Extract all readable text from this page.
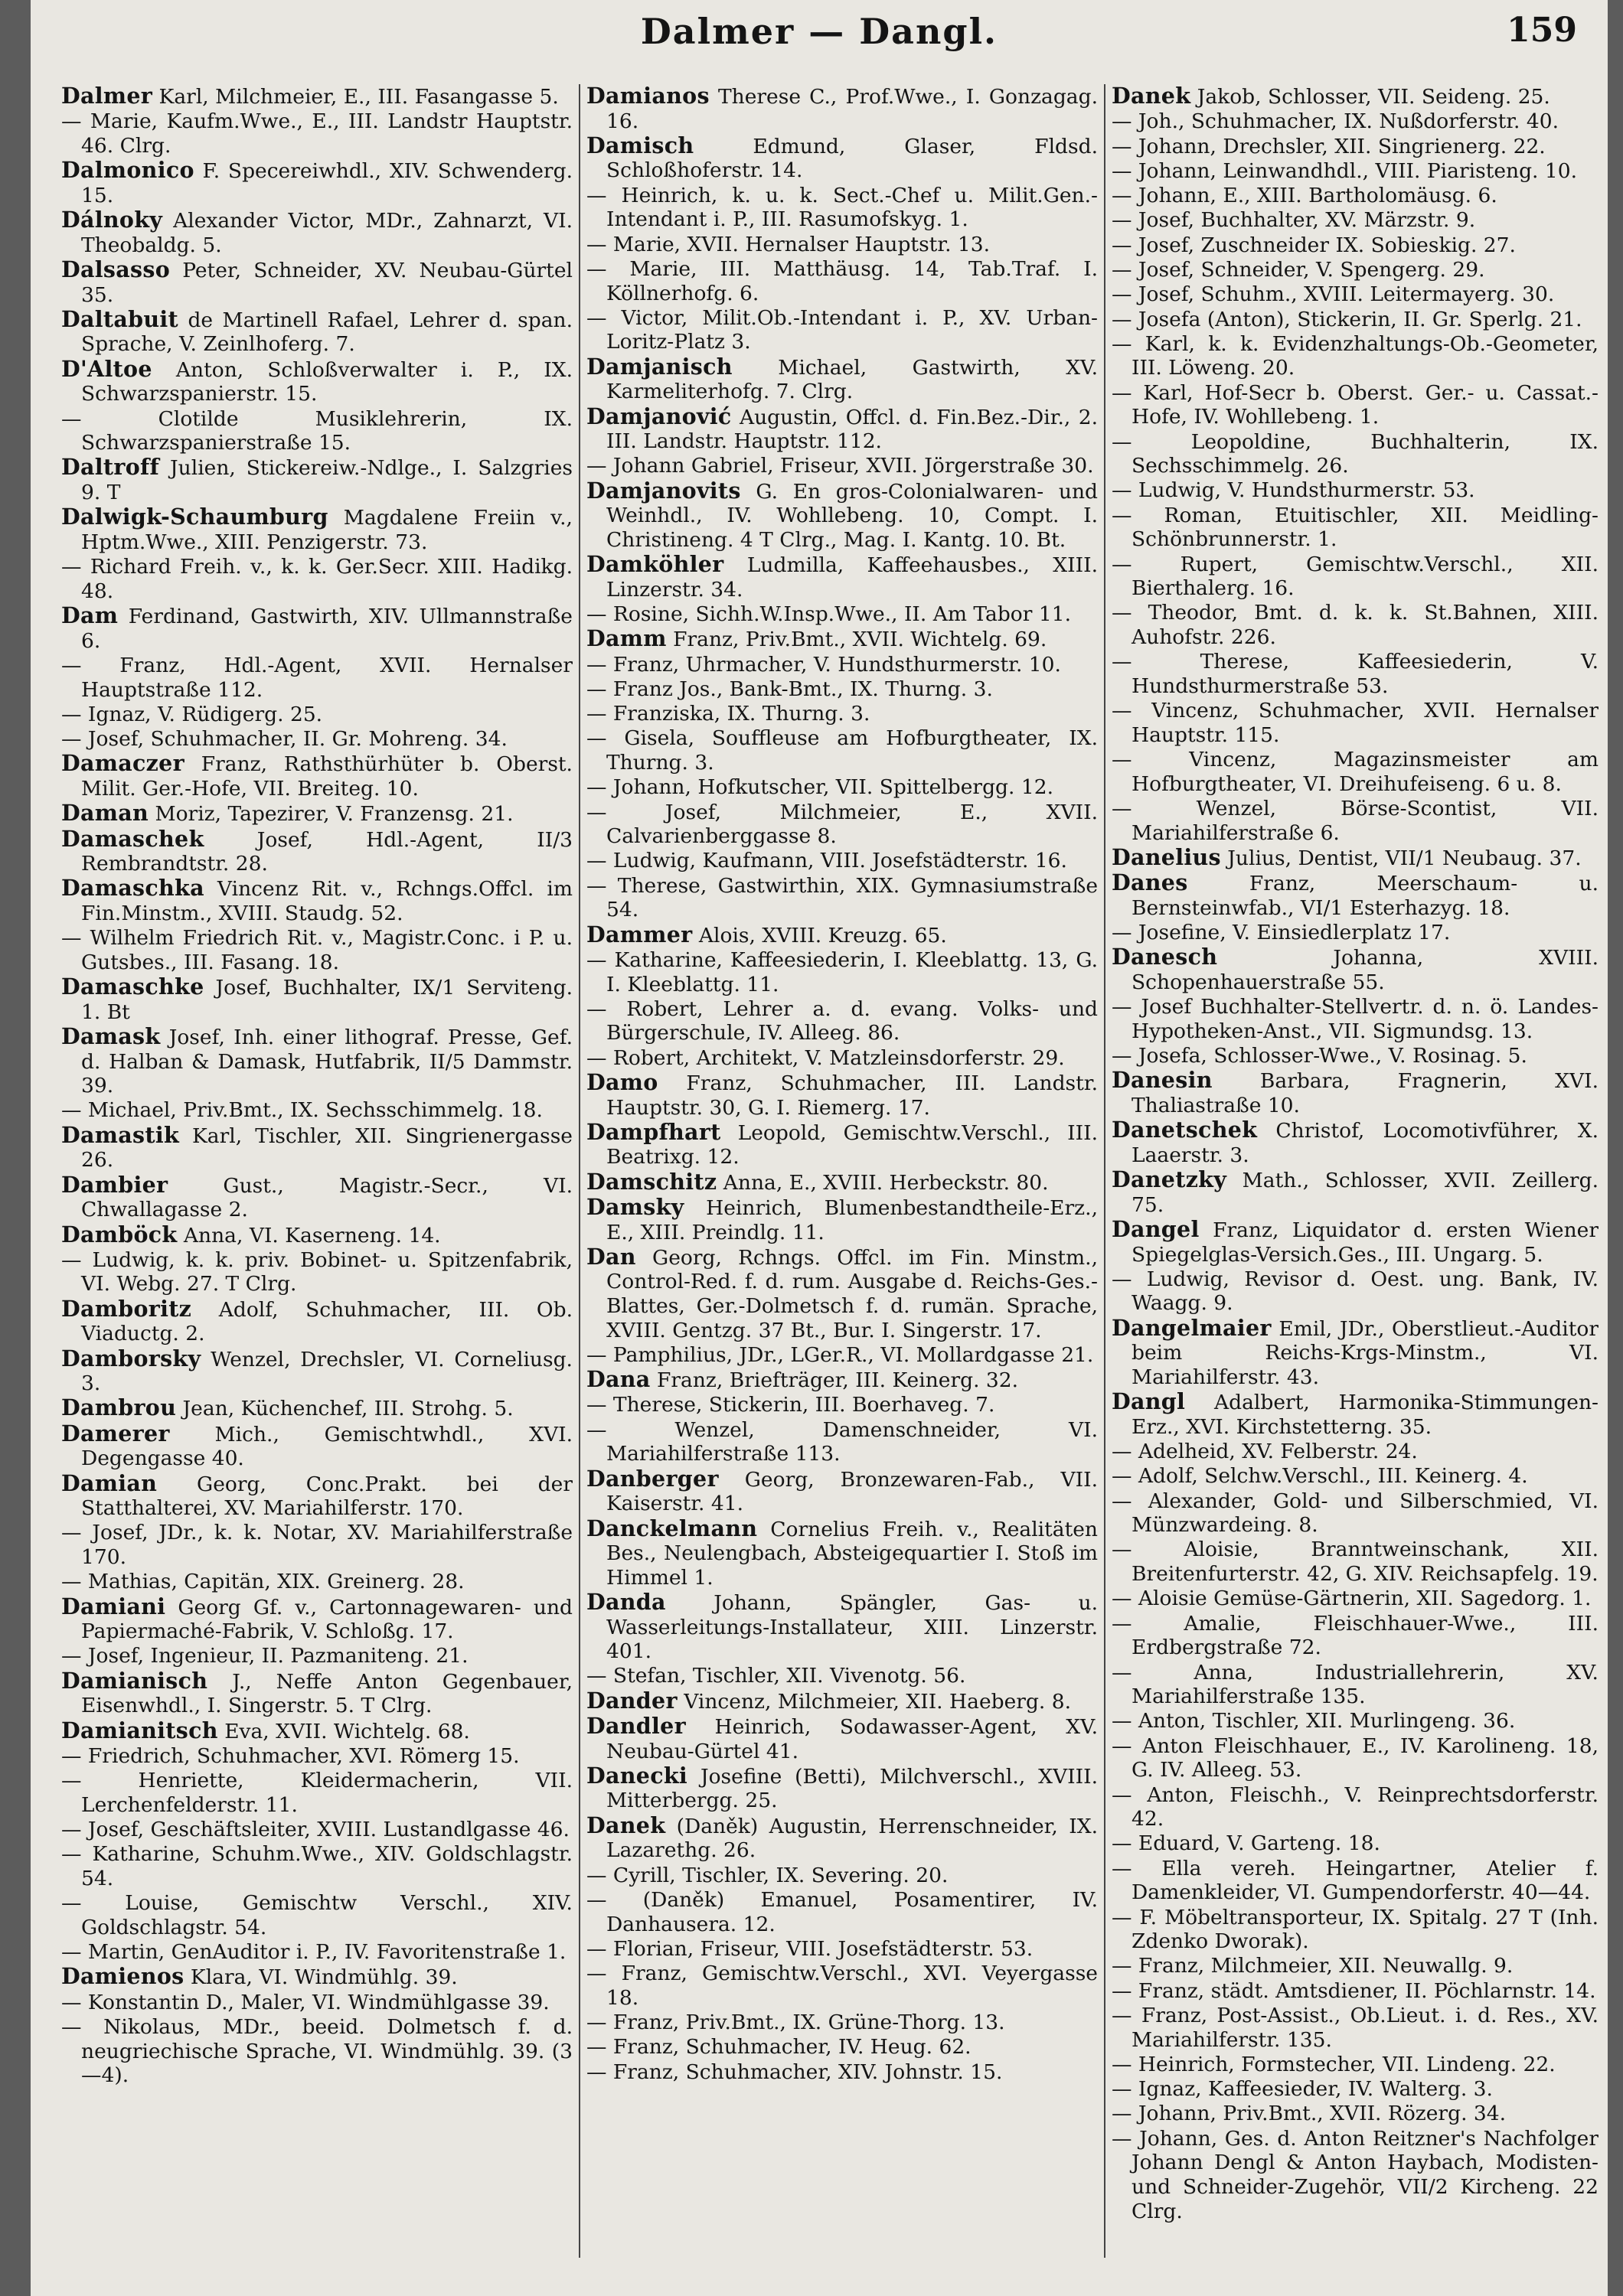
Dalmer — Dangl.	159
Dalmer Karl, Milchmeier, E., III. Fasangasse 5.
— Marie, Kaufm.Wwe., E., III. Landstr Hauptstr. 46. Clrg.
Dalmonico F. Specereiwhdl., XIV. Schwenderg. 15.
Dálnoky Alexander Victor, MDr., Zahnarzt, VI. Theobaldg. 5.
Dalsasso Peter, Schneider, XV. Neubau-Gürtel 35.
Daltabuit de Martinell Rafael, Lehrer d. span. Sprache, V. Zeinlhoferg. 7.
D'Altoe Anton, Schloßverwalter i. P., IX. Schwarzspanierstr. 15.
— Clotilde Musiklehrerin, IX. Schwarzspanierstraße 15.
Daltroff Julien, Stickereiw.-Ndlge., I. Salzgries 9. T
Dalwigk-Schaumburg Magdalene Freiin v., Hptm.Wwe., XIII. Penzigerstr. 73.
— Richard Freih. v., k. k. Ger.Secr. XIII. Hadikg. 48.
Dam Ferdinand, Gastwirth, XIV. Ullmannstraße 6.
— Franz, Hdl.-Agent, XVII. Hernalser Hauptstraße 112.
— Ignaz, V. Rüdigerg. 25.
— Josef, Schuhmacher, II. Gr. Mohreng. 34.
Damaczer Franz, Rathsthürhüter b. Oberst. Milit. Ger.-Hofe, VII. Breiteg. 10.
Daman Moriz, Tapezirer, V. Franzensg. 21.
Damaschek Josef, Hdl.-Agent, II/3 Rembrandtstr. 28.
Damaschka Vincenz Rit. v., Rchngs.Offcl. im Fin.Minstm., XVIII. Staudg. 52.
— Wilhelm Friedrich Rit. v., Magistr.Conc. i P. u. Gutsbes., III. Fasang. 18.
Damaschke Josef, Buchhalter, IX/1 Serviteng. 1. Bt
Damask Josef, Inh. einer lithograf. Presse, Gef. d. Halban & Damask, Hutfabrik, II/5 Dammstr. 39.
— Michael, Priv.Bmt., IX. Sechsschimmelg. 18.
Damastik Karl, Tischler, XII. Singrienergasse 26.
Dambier Gust., Magistr.-Secr., VI. Chwallagasse 2.
Damböck Anna, VI. Kaserneng. 14.
— Ludwig, k. k. priv. Bobinet- u. Spitzenfabrik, VI. Webg. 27. T Clrg.
Damboritz Adolf, Schuhmacher, III. Ob. Viaductg. 2.
Damborsky Wenzel, Drechsler, VI. Corneliusg. 3.
Dambrou Jean, Küchenchef, III. Strohg. 5.
Damerer Mich., Gemischtwhdl., XVI. Degengasse 40.
Damian Georg, Conc.Prakt. bei der Statthalterei, XV. Mariahilferstr. 170.
— Josef, JDr., k. k. Notar, XV. Mariahilferstraße 170.
— Mathias, Capitän, XIX. Greinerg. 28.
Damiani Georg Gf. v., Cartonnagewaren- und Papiermaché-Fabrik, V. Schloßg. 17.
— Josef, Ingenieur, II. Pazmaniteng. 21.
Damianisch J., Neffe Anton Gegenbauer, Eisenwhdl., I. Singerstr. 5. T Clrg.
Damianitsch Eva, XVII. Wichtelg. 68.
— Friedrich, Schuhmacher, XVI. Römerg 15.
— Henriette, Kleidermacherin, VII. Lerchenfelderstr. 11.
— Josef, Geschäftsleiter, XVIII. Lustandlgasse 46.
— Katharine, Schuhm.Wwe., XIV. Goldschlagstr. 54.
— Louise, Gemischtw Verschl., XIV. Goldschlagstr. 54.
— Martin, GenAuditor i. P., IV. Favoritenstraße 1.
Damienos Klara, VI. Windmühlg. 39.
— Konstantin D., Maler, VI. Windmühlgasse 39.
— Nikolaus, MDr., beeid. Dolmetsch f. d. neugriechische Sprache, VI. Windmühlg. 39. (3—4).
Damianos Therese C., Prof.Wwe., I. Gonzagag. 16.
Damisch Edmund, Glaser, Fldsd. Schloßhoferstr. 14.
— Heinrich, k. u. k. Sect.-Chef u. Milit.Gen.-Intendant i. P., III. Rasumofskyg. 1.
— Marie, XVII. Hernalser Hauptstr. 13.
— Marie, III. Matthäusg. 14, Tab.Traf. I. Köllnerhofg. 6.
— Victor, Milit.Ob.-Intendant i. P., XV. Urban-Loritz-Platz 3.
Damjanisch Michael, Gastwirth, XV. Karmeliterhofg. 7. Clrg.
Damjanović Augustin, Offcl. d. Fin.Bez.-Dir., 2. III. Landstr. Hauptstr. 112.
— Johann Gabriel, Friseur, XVII. Jörgerstraße 30.
Damjanovits G. En gros-Colonialwaren- und Weinhdl., IV. Wohllebeng. 10, Compt. I. Christineng. 4 T Clrg., Mag. I. Kantg. 10. Bt.
Damköhler Ludmilla, Kaffeehausbes., XIII. Linzerstr. 34.
— Rosine, Sichh.W.Insp.Wwe., II. Am Tabor 11.
Damm Franz, Priv.Bmt., XVII. Wichtelg. 69.
— Franz, Uhrmacher, V. Hundsthurmerstr. 10.
— Franz Jos., Bank-Bmt., IX. Thurng. 3.
— Franziska, IX. Thurng. 3.
— Gisela, Souffleuse am Hofburgtheater, IX. Thurng. 3.
— Johann, Hofkutscher, VII. Spittelbergg. 12.
— Josef, Milchmeier, E., XVII. Calvarienberggasse 8.
— Ludwig, Kaufmann, VIII. Josefstädterstr. 16.
— Therese, Gastwirthin, XIX. Gymnasiumstraße 54.
Dammer Alois, XVIII. Kreuzg. 65.
— Katharine, Kaffeesiederin, I. Kleeblattg. 13, G. I. Kleeblattg. 11.
— Robert, Lehrer a. d. evang. Volks- und Bürgerschule, IV. Alleeg. 86.
— Robert, Architekt, V. Matzleinsdorferstr. 29.
Damo Franz, Schuhmacher, III. Landstr. Hauptstr. 30, G. I. Riemerg. 17.
Dampfhart Leopold, Gemischtw.Verschl., III. Beatrixg. 12.
Damschitz Anna, E., XVIII. Herbeckstr. 80.
Damsky Heinrich, Blumenbestandtheile-Erz., E., XIII. Preindlg. 11.
Dan Georg, Rchngs. Offcl. im Fin. Minstm., Control-Red. f. d. rum. Ausgabe d. Reichs-Ges.-Blattes, Ger.-Dolmetsch f. d. rumän. Sprache, XVIII. Gentzg. 37 Bt., Bur. I. Singerstr. 17.
— Pamphilius, JDr., LGer.R., VI. Mollardgasse 21.
Dana Franz, Briefträger, III. Keinerg. 32.
— Therese, Stickerin, III. Boerhaveg. 7.
— Wenzel, Damenschneider, VI. Mariahilferstraße 113.
Danberger Georg, Bronzewaren-Fab., VII. Kaiserstr. 41.
Danckelmann Cornelius Freih. v., Realitäten Bes., Neulengbach, Absteigequartier I. Stoß im Himmel 1.
Danda Johann, Spängler, Gas- u. Wasserleitungs-Installateur, XIII. Linzerstr. 401.
— Stefan, Tischler, XII. Vivenotg. 56.
Dander Vincenz, Milchmeier, XII. Haeberg. 8.
Dandler Heinrich, Sodawasser-Agent, XV. Neubau-Gürtel 41.
Danecki Josefine (Betti), Milchverschl., XVIII. Mitterbergg. 25.
Danek (Daněk) Augustin, Herrenschneider, IX. Lazarethg. 26.
— Cyrill, Tischler, IX. Severing. 20.
— (Daněk) Emanuel, Posamentirer, IV. Danhausera. 12.
— Florian, Friseur, VIII. Josefstädterstr. 53.
— Franz, Gemischtw.Verschl., XVI. Veyergasse 18.
— Franz, Priv.Bmt., IX. Grüne-Thorg. 13.
— Franz, Schuhmacher, IV. Heug. 62.
— Franz, Schuhmacher, XIV. Johnstr. 15.
Danek Jakob, Schlosser, VII. Seideng. 25.
— Joh., Schuhmacher, IX. Nußdorferstr. 40.
— Johann, Drechsler, XII. Singrienerg. 22.
— Johann, Leinwandhdl., VIII. Piaristeng. 10.
— Johann, E., XIII. Bartholomäusg. 6.
— Josef, Buchhalter, XV. Märzstr. 9.
— Josef, Zuschneider IX. Sobieskig. 27.
— Josef, Schneider, V. Spengerg. 29.
— Josef, Schuhm., XVIII. Leitermayerg. 30.
— Josefa (Anton), Stickerin, II. Gr. Sperlg. 21.
— Karl, k. k. Evidenzhaltungs-Ob.-Geometer, III. Löweng. 20.
— Karl, Hof-Secr b. Oberst. Ger.- u. Cassat.-Hofe, IV. Wohllebeng. 1.
— Leopoldine, Buchhalterin, IX. Sechsschimmelg. 26.
— Ludwig, V. Hundsthurmerstr. 53.
— Roman, Etuitischler, XII. Meidling-Schönbrunnerstr. 1.
— Rupert, Gemischtw.Verschl., XII. Bierthalerg. 16.
— Theodor, Bmt. d. k. k. St.Bahnen, XIII. Auhofstr. 226.
— Therese, Kaffeesiederin, V. Hundsthurmerstraße 53.
— Vincenz, Schuhmacher, XVII. Hernalser Hauptstr. 115.
— Vincenz, Magazinsmeister am Hofburgtheater, VI. Dreihufeiseng. 6 u. 8.
— Wenzel, Börse-Scontist, VII. Mariahilferstraße 6.
Danelius Julius, Dentist, VII/1 Neubaug. 37.
Danes Franz, Meerschaum- u. Bernsteinwfab., VI/1 Esterhazyg. 18.
— Josefine, V. Einsiedlerplatz 17.
Danesch Johanna, XVIII. Schopenhauerstraße 55.
— Josef Buchhalter-Stellvertr. d. n. ö. Landes-Hypotheken-Anst., VII. Sigmundsg. 13.
— Josefa, Schlosser-Wwe., V. Rosinag. 5.
Danesin Barbara, Fragnerin, XVI. Thaliastraße 10.
Danetschek Christof, Locomotivführer, X. Laaerstr. 3.
Danetzky Math., Schlosser, XVII. Zeillerg. 75.
Dangel Franz, Liquidator d. ersten Wiener Spiegelglas-Versich.Ges., III. Ungarg. 5.
— Ludwig, Revisor d. Oest. ung. Bank, IV. Waagg. 9.
Dangelmaier Emil, JDr., Oberstlieut.-Auditor beim Reichs-Krgs-Minstm., VI. Mariahilferstr. 43.
Dangl Adalbert, Harmonika-Stimmungen-Erz., XVI. Kirchstetterng. 35.
— Adelheid, XV. Felberstr. 24.
— Adolf, Selchw.Verschl., III. Keinerg. 4.
— Alexander, Gold- und Silberschmied, VI. Münzwardeing. 8.
— Aloisie, Branntweinschank, XII. Breitenfurterstr. 42, G. XIV. Reichsapfelg. 19.
— Aloisie Gemüse-Gärtnerin, XII. Sagedorg. 1.
— Amalie, Fleischhauer-Wwe., III. Erdbergstraße 72.
— Anna, Industriallehrerin, XV. Mariahilferstraße 135.
— Anton, Tischler, XII. Murlingeng. 36.
— Anton Fleischhauer, E., IV. Karolineng. 18, G. IV. Alleeg. 53.
— Anton, Fleischh., V. Reinprechtsdorferstr. 42.
— Eduard, V. Garteng. 18.
— Ella vereh. Heingartner, Atelier f. Damenkleider, VI. Gumpendorferstr. 40—44.
— F. Möbeltransporteur, IX. Spitalg. 27 T (Inh. Zdenko Dworak).
— Franz, Milchmeier, XII. Neuwallg. 9.
— Franz, städt. Amtsdiener, II. Pöchlarnstr. 14.
— Franz, Post-Assist., Ob.Lieut. i. d. Res., XV. Mariahilferstr. 135.
— Heinrich, Formstecher, VII. Lindeng. 22.
— Ignaz, Kaffeesieder, IV. Walterg. 3.
— Johann, Priv.Bmt., XVII. Rözerg. 34.
— Johann, Ges. d. Anton Reitzner's Nachfolger Johann Dengl & Anton Haybach, Modisten- und Schneider-Zugehör, VII/2 Kircheng. 22 Clrg.
